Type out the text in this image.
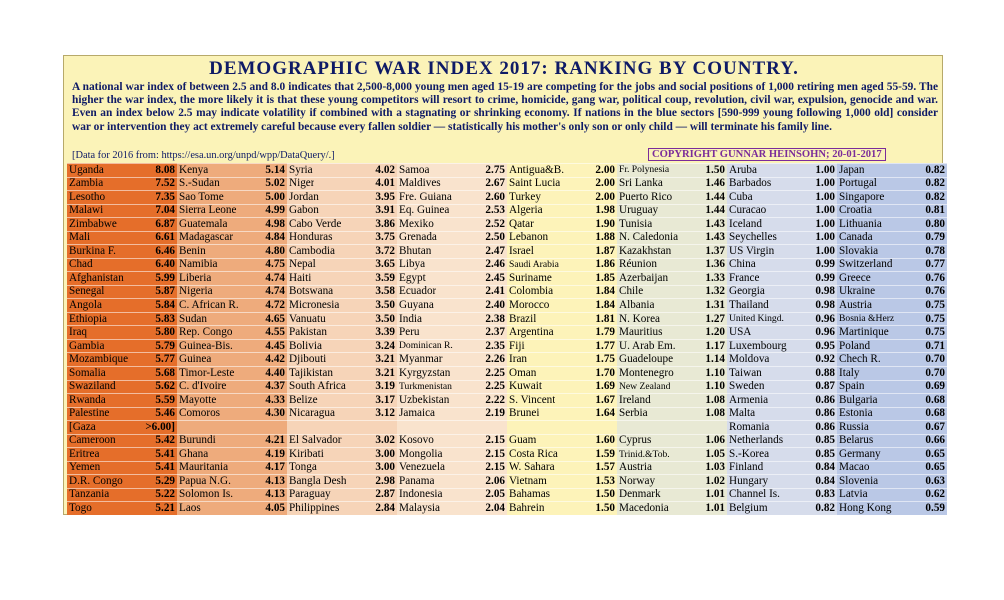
DEMOGRAPHIC WAR INDEX 2017: RANKING BY COUNTRY.

A national war index of between 2.5 and 8.0 indicates that 2,500-8,000 young men aged 15-19 are competing for the jobs and social positions of 1,000 retiring men aged 55-59. The higher the war index, the more likely it is that these young competitors will resort to crime, homicide, gang war, political coup, revolution, civil war, expulsion, genocide and war. Even an index below 2.5 may indicate volatility if combined with a stagnating or shrinking economy. If nations in the blue sectors [590-999 young following 1,000 old] consider war or intervention they act extremely careful because every fallen soldier — statistically his mother's only son or only child — will terminate his family line.

[Data for 2016 from: https://esa.un.org/unpd/wpp/DataQuery/.]	COPYRIGHT GUNNAR HEINSOHN; 20-01-2017
Uganda	8.08
Zambia	7.52
Lesotho	7.35
Malawi	7.04
Zimbabwe	6.87
Mali	6.61
Burkina F.	6.46
Chad	6.40
Afghanistan	5.99
Senegal	5.87
Angola	5.84
Ethiopia	5.83
Iraq	5.80
Gambia	5.79
Mozambique 5.77
Somalia	5.68
Swaziland	5.62
Rwanda	5.59
Palestine	5.46
[Gaza	>6.00]
Cameroon	5.42
Eritrea	5.41
Yemen	5.41
D.R. Congo	5.29
Tanzania	5.22
Togo	5.21
Kenya	5.14
S.-Sudan	5.02
Sao Tome	5.00
Sierra Leone	4.99
Guatemala	4.98
Madagascar	4.84
Benin	4.80
Namibia	4.75
Liberia	4.74
Nigeria	4.74
C. African R. 4.72
Sudan	4.65
Rep. Congo	4.55
Guinea-Bis.	4.45
Guinea	4.42
Timor-Leste	4.40
C. d'Ivoire	4.37
Mayotte	4.33
Comoros	4.30
Burundi	4.21
Ghana	4.19
Mauritania	4.17
Papua N.G.	4.13
Solomon Is.	4.13
Laos	4.05
Syria	4.02
Niger	4.01
Jordan	3.95
Gabon	3.91
Cabo Verde	3.86
Honduras	3.75
Cambodia	3.72
Nepal	3.65
Haiti	3.59
Botswana	3.58
Micronesia	3.50
Vanuatu	3.50
Pakistan	3.39
Bolivia	3.24
Djibouti	3.21
Tajikistan	3.21
South Africa	3.19
Belize	3.17
Nicaragua	3.12
El Salvador	3.02
Kiribati	3.00
Tonga	3.00
Bangla Desh	2.98
Paraguay	2.87
Philippines	2.84
Samoa	2.75
Maldives	2.67
Fre. Guiana	2.60
Eq. Guinea	2.53
Mexiko	2.52
Grenada	2.50
Bhutan	2.47
Libya	2.46
Egypt	2.45
Ecuador	2.41
Guyana	2.40
India	2.38
Peru	2.37
Dominican R.	2.35
Myanmar	2.26
Kyrgyzstan	2.25
Turkmenistan	2.25
Uzbekistan	2.22
Jamaica	2.19
Kosovo	2.15
Mongolia	2.15
Venezuela	2.15
Panama	2.06
Indonesia	2.05
Malaysia	2.04
Antigua&B.	2.00
Saint Lucia	2.00
Turkey	2.00
Algeria	1.98
Qatar	1.90
Lebanon	1.88
Israel	1.87
Saudi Arabia	1.86
Suriname	1.85
Colombia	1.84
Morocco	1.84
Brazil	1.81
Argentina	1.79
Fiji	1.77
Iran	1.75
Oman	1.70
Kuwait	1.69
S. Vincent	1.67
Brunei	1.64
Guam	1.60
Costa Rica	1.59
W. Sahara	1.57
Vietnam	1.53
Bahamas	1.50
Bahrein	1.50
Fr. Polynesia	1.50
Sri Lanka	1.46
Puerto Rico	1.44
Uruguay	1.44
Tunisia	1.43
N. Caledonia 1.43
Kazakhstan	1.37
Réunion	1.36
Azerbaijan	1.33
Chile	1.32
Albania	1.31
N. Korea	1.27
Mauritius	1.20
U. Arab Em.	1.17
Guadeloupe	1.14
Montenegro	1.10
New Zealand	1.10
Ireland	1.08
Serbia	1.08
Cyprus	1.06
Trinid.&Tob.	1.05
Austria	1.03
Norway	1.02
Denmark	1.01
Macedonia	1.01
Aruba	1.00
Barbados	1.00
Cuba	1.00
Curacao	1.00
Iceland	1.00
Seychelles	1.00
US Virgin	1.00
China	0.99
France	0.99
Georgia	0.98
Thailand	0.98
United Kingd.	0.96
USA	0.96
Luxembourg	0.95
Moldova	0.92
Taiwan	0.88
Sweden	0.87
Armenia	0.86
Malta	0.86
Romania	0.86
Netherlands	0.85
S.-Korea	0.85
Finland	0.84
Hungary	0.84
Channel Is.	0.83
Belgium	0.82
Japan	0.82
Portugal	0.82
Singapore	0.82
Croatia	0.81
Lithuania	0.80
Canada	0.79
Slovakia	0.78
Switzerland	0.77
Greece	0.76
Ukraine	0.76
Austria	0.75
Bosnia &Herz	0.75
Martinique	0.75
Poland	0.71
Chech R.	0.70
Italy	0.70
Spain	0.69
Bulgaria	0.68
Estonia	0.68
Russia	0.67
Belarus	0.66
Germany	0.65
Macao	0.65
Slovenia	0.63
Latvia	0.62
Hong Kong	0.59
